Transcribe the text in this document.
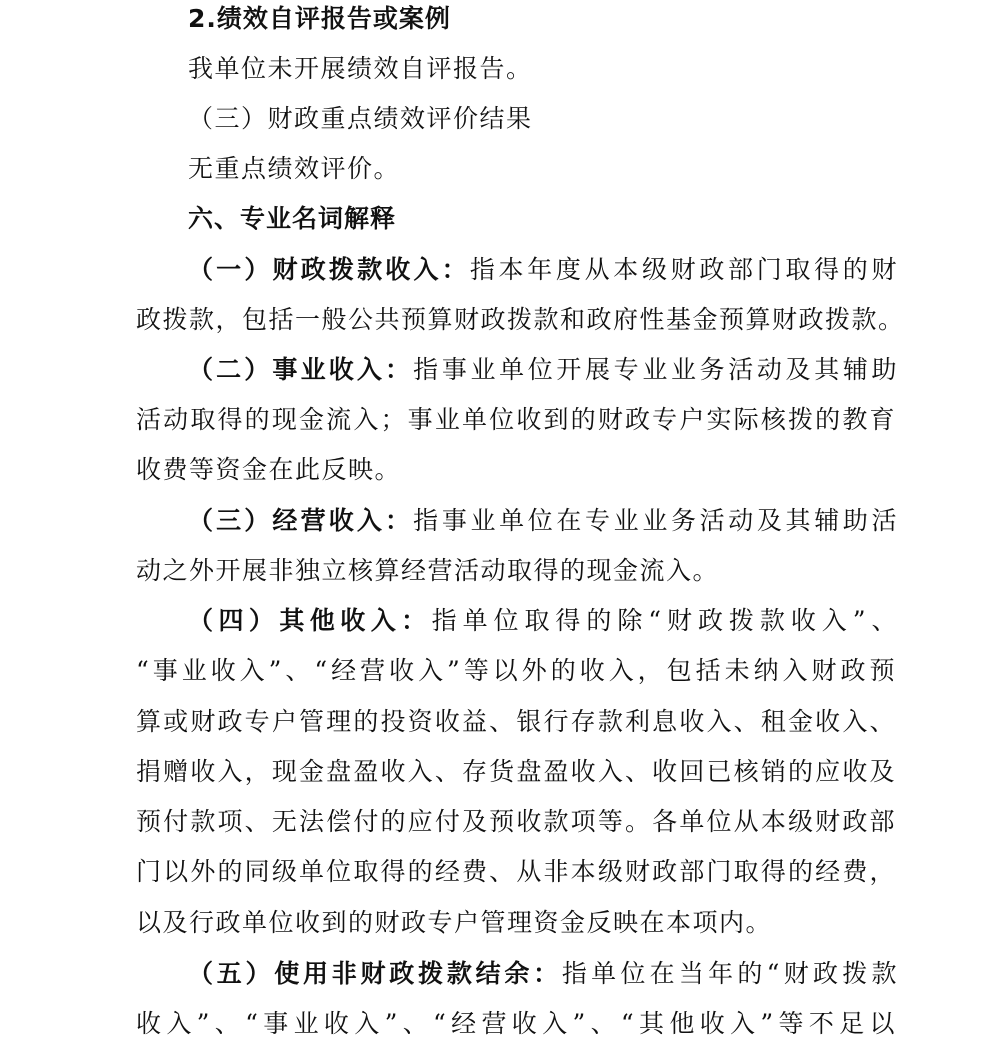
2.绩效自评报告或案例
我单位未开展绩效自评报告。
（三）财政重点绩效评价结果
无重点绩效评价。
六、专业名词解释
（一）财政拨款收入：指本年度从本级财政部门取得的财
政拨款，包括一般公共预算财政拨款和政府性基金预算财政拨款。
（二）事业收入：指事业单位开展专业业务活动及其辅助
活动取得的现金流入；事业单位收到的财政专户实际核拨的教育
收费等资金在此反映。
（三）经营收入：指事业单位在专业业务活动及其辅助活
动之外开展非独立核算经营活动取得的现金流入。
（四）其他收入：指单位取得的除“财政拨款收入”、
“事业收入”、“经营收入”等以外的收入，包括未纳入财政预
算或财政专户管理的投资收益、银行存款利息收入、租金收入、
捐赠收入，现金盘盈收入、存货盘盈收入、收回已核销的应收及
预付款项、无法偿付的应付及预收款项等。各单位从本级财政部
门以外的同级单位取得的经费、从非本级财政部门取得的经费，
以及行政单位收到的财政专户管理资金反映在本项内。
（五）使用非财政拨款结余：指单位在当年的“财政拨款
收入”、“事业收入”、“经营收入”、“其他收入”等不足以
